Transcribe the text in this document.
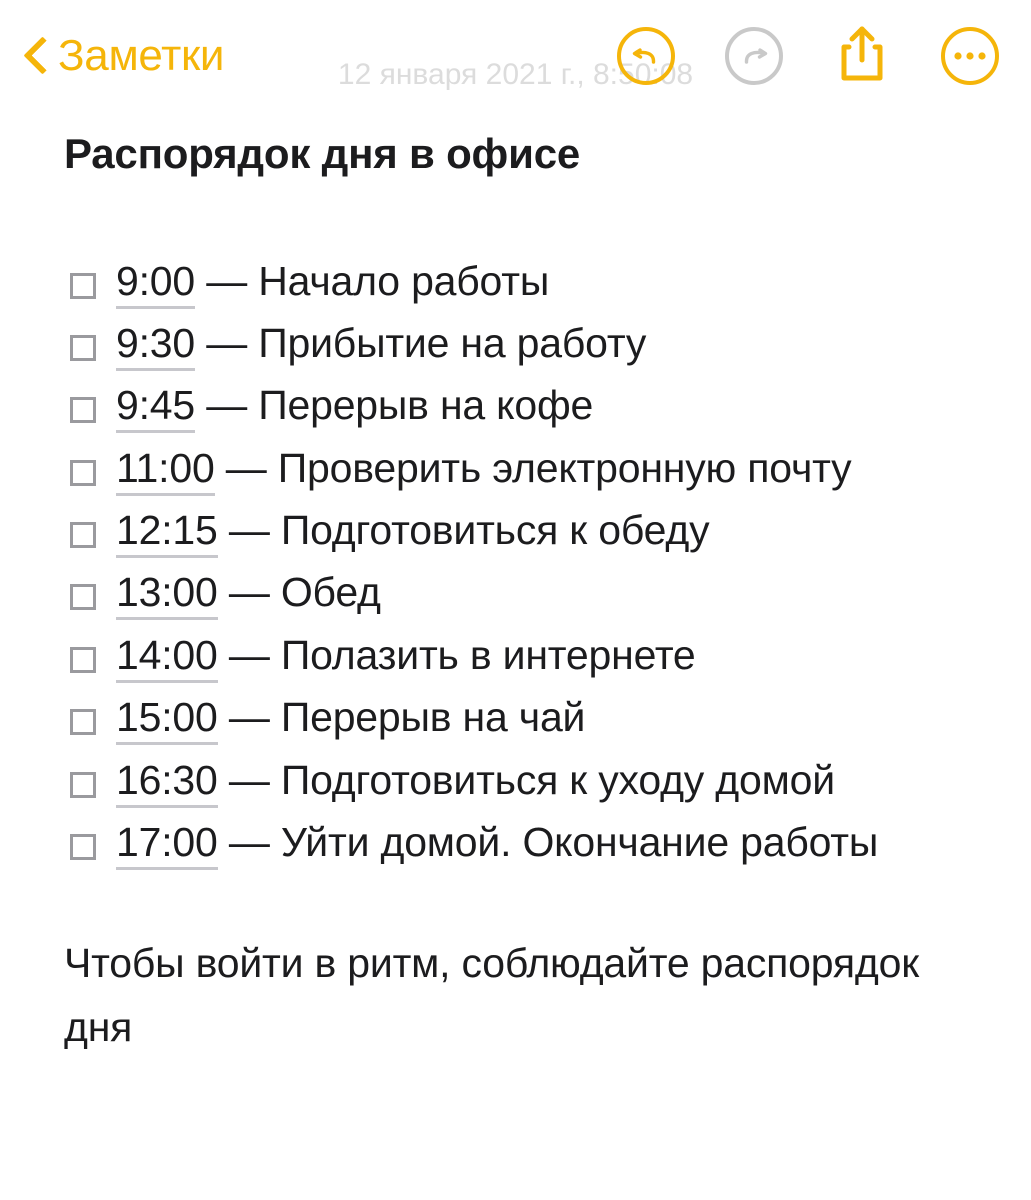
Заметки	12 января 2021 г., 8:50:08
Распорядок дня в офисе
9:00 — Начало работы
9:30 — Прибытие на работу
9:45 — Перерыв на кофе
11:00 — Проверить электронную почту
12:15 — Подготовиться к обеду
13:00 — Обед
14:00 — Полазить в интернете
15:00 — Перерыв на чай
16:30 — Подготовиться к уходу домой
17:00 — Уйти домой. Окончание работы
Чтобы войти в ритм, соблюдайте распорядок дня
